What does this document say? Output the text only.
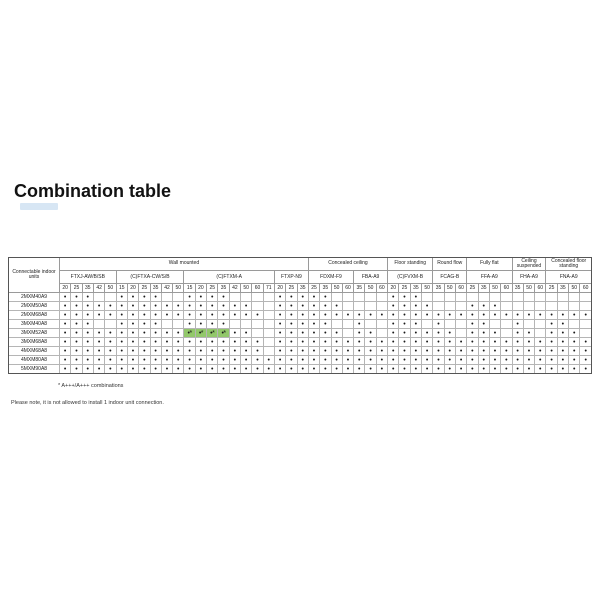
Combination table
Connectable indoor units	Wall mounted																						Concealed ceiling							Floor standing				Round flow			Fully flat				Ceiling suspended			Concealed floor standing			
	FTXJ-AW/B/SB					(C)FTXA-CW/S/B						(C)FTXM-A								FTXP-N9			FDXM-F9				FBA-A9			(C)FVXM-B				FCAG-B			FFA-A9				FHA-A9			FNA-A9			
	20	25	35	42	50	15	20	25	35	42	50	15	20	25	35	42	50	60	71	20	25	35	25	35	50	60	35	50	60	20	25	35	50	35	50	60	25	35	50	60	35	50	60	25	35	50	60
2MXM40A9	•	•	•			•	•	•	•			•	•	•	•					•	•	•	•	•						•	•	•															
2MXM50A8	•	•	•	•	•	•	•	•	•	•	•	•	•	•	•	•	•			•	•	•	•	•	•					•	•	•	•				•	•	•								
2MXM68A8	•	•	•	•	•	•	•	•	•	•	•	•	•	•	•	•	•	•		•	•	•	•	•	•	•	•	•	•	•	•	•	•	•	•	•	•	•	•	•	•	•	•	•	•	•	•
3MXM40A8	•	•	•			•	•	•	•			•	•	•	•					•	•	•	•	•			•			•	•	•		•			•	•			•			•	•		
3MXM52A8	•	•	•	•	•	•	•	•	•	•	•	•*	•*	•*	•*	•	•			•	•	•	•	•	•		•	•		•	•	•	•	•	•		•	•	•		•	•		•	•	•	
3MXM68A8	•	•	•	•	•	•	•	•	•	•	•	•	•	•	•	•	•	•		•	•	•	•	•	•	•	•	•	•	•	•	•	•	•	•	•	•	•	•	•	•	•	•	•	•	•	•
4MXM68A8	•	•	•	•	•	•	•	•	•	•	•	•	•	•	•	•	•	•		•	•	•	•	•	•	•	•	•	•	•	•	•	•	•	•	•	•	•	•	•	•	•	•	•	•	•	•
4MXM80A8	•	•	•	•	•	•	•	•	•	•	•	•	•	•	•	•	•	•	•	•	•	•	•	•	•	•	•	•	•	•	•	•	•	•	•	•	•	•	•	•	•	•	•	•	•	•	•
5MXM90A8	•	•	•	•	•	•	•	•	•	•	•	•	•	•	•	•	•	•	•	•	•	•	•	•	•	•	•	•	•	•	•	•	•	•	•	•	•	•	•	•	•	•	•	•	•	•	•
* A+++/A+++ combinations
Please note, it is not allowed to install 1 indoor unit connection.
